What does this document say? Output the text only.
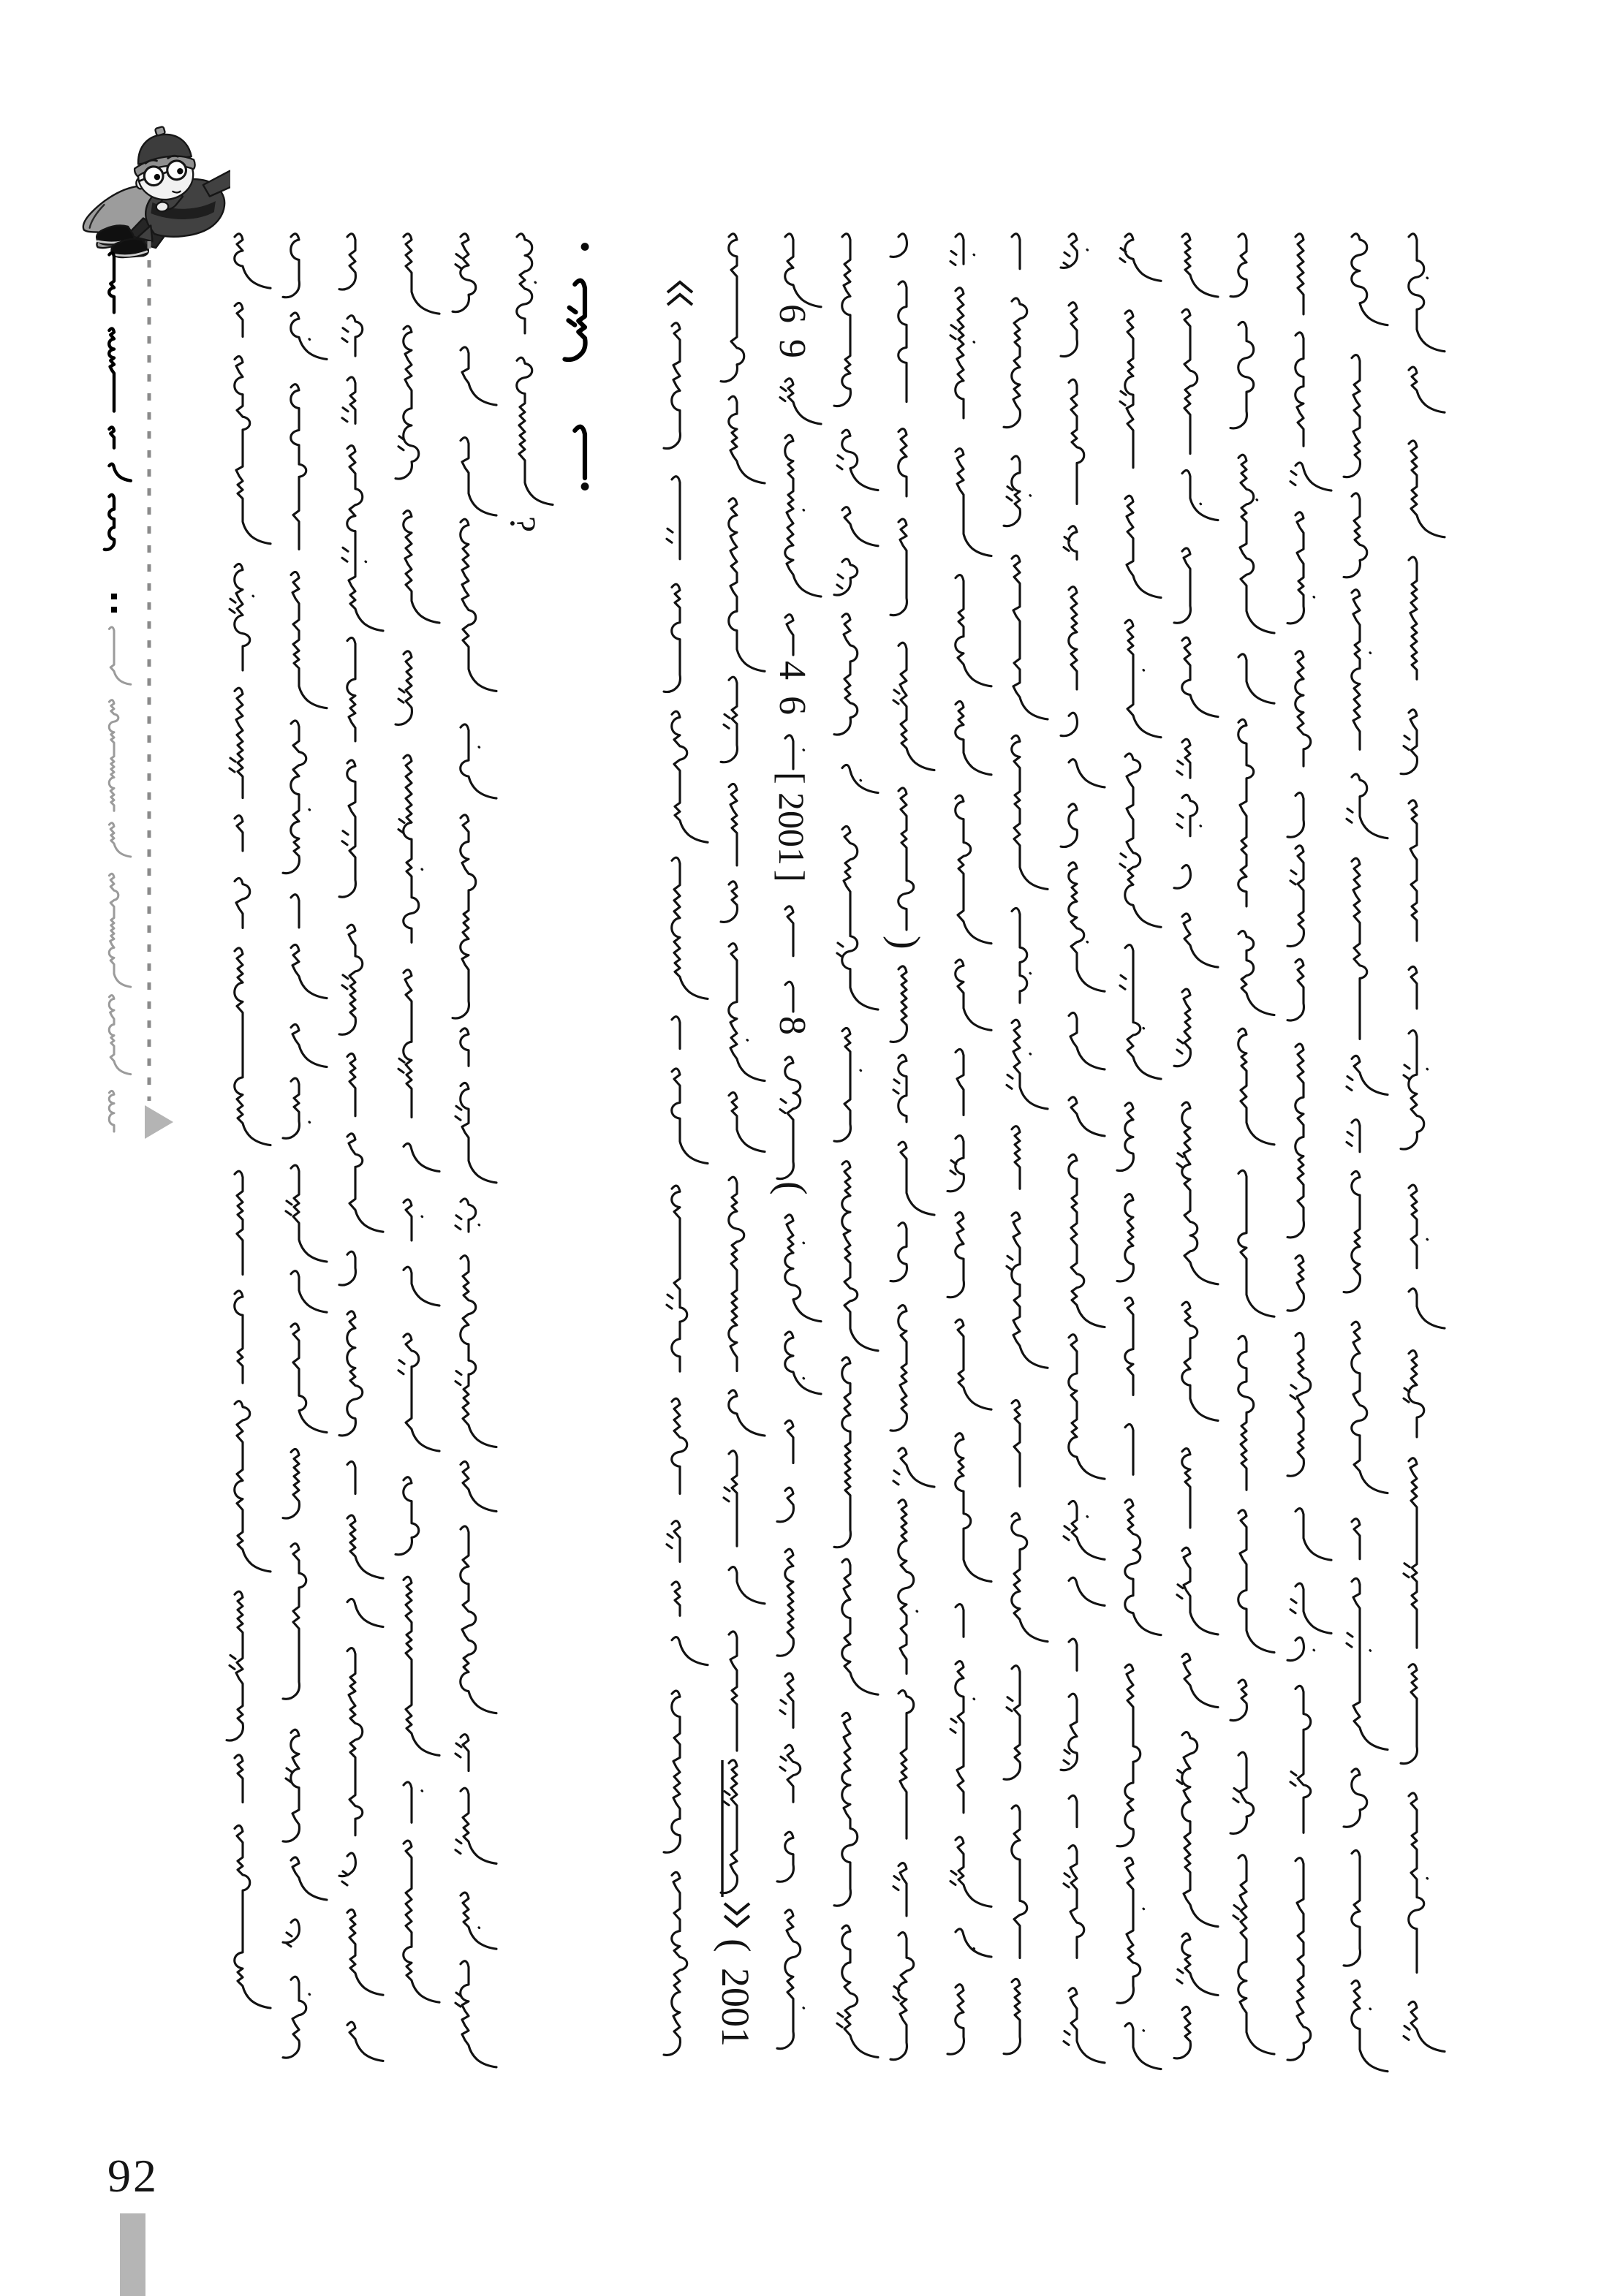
?
•
•
(
2001
6
9
4
6
[
2001
]
8
(
)
92
